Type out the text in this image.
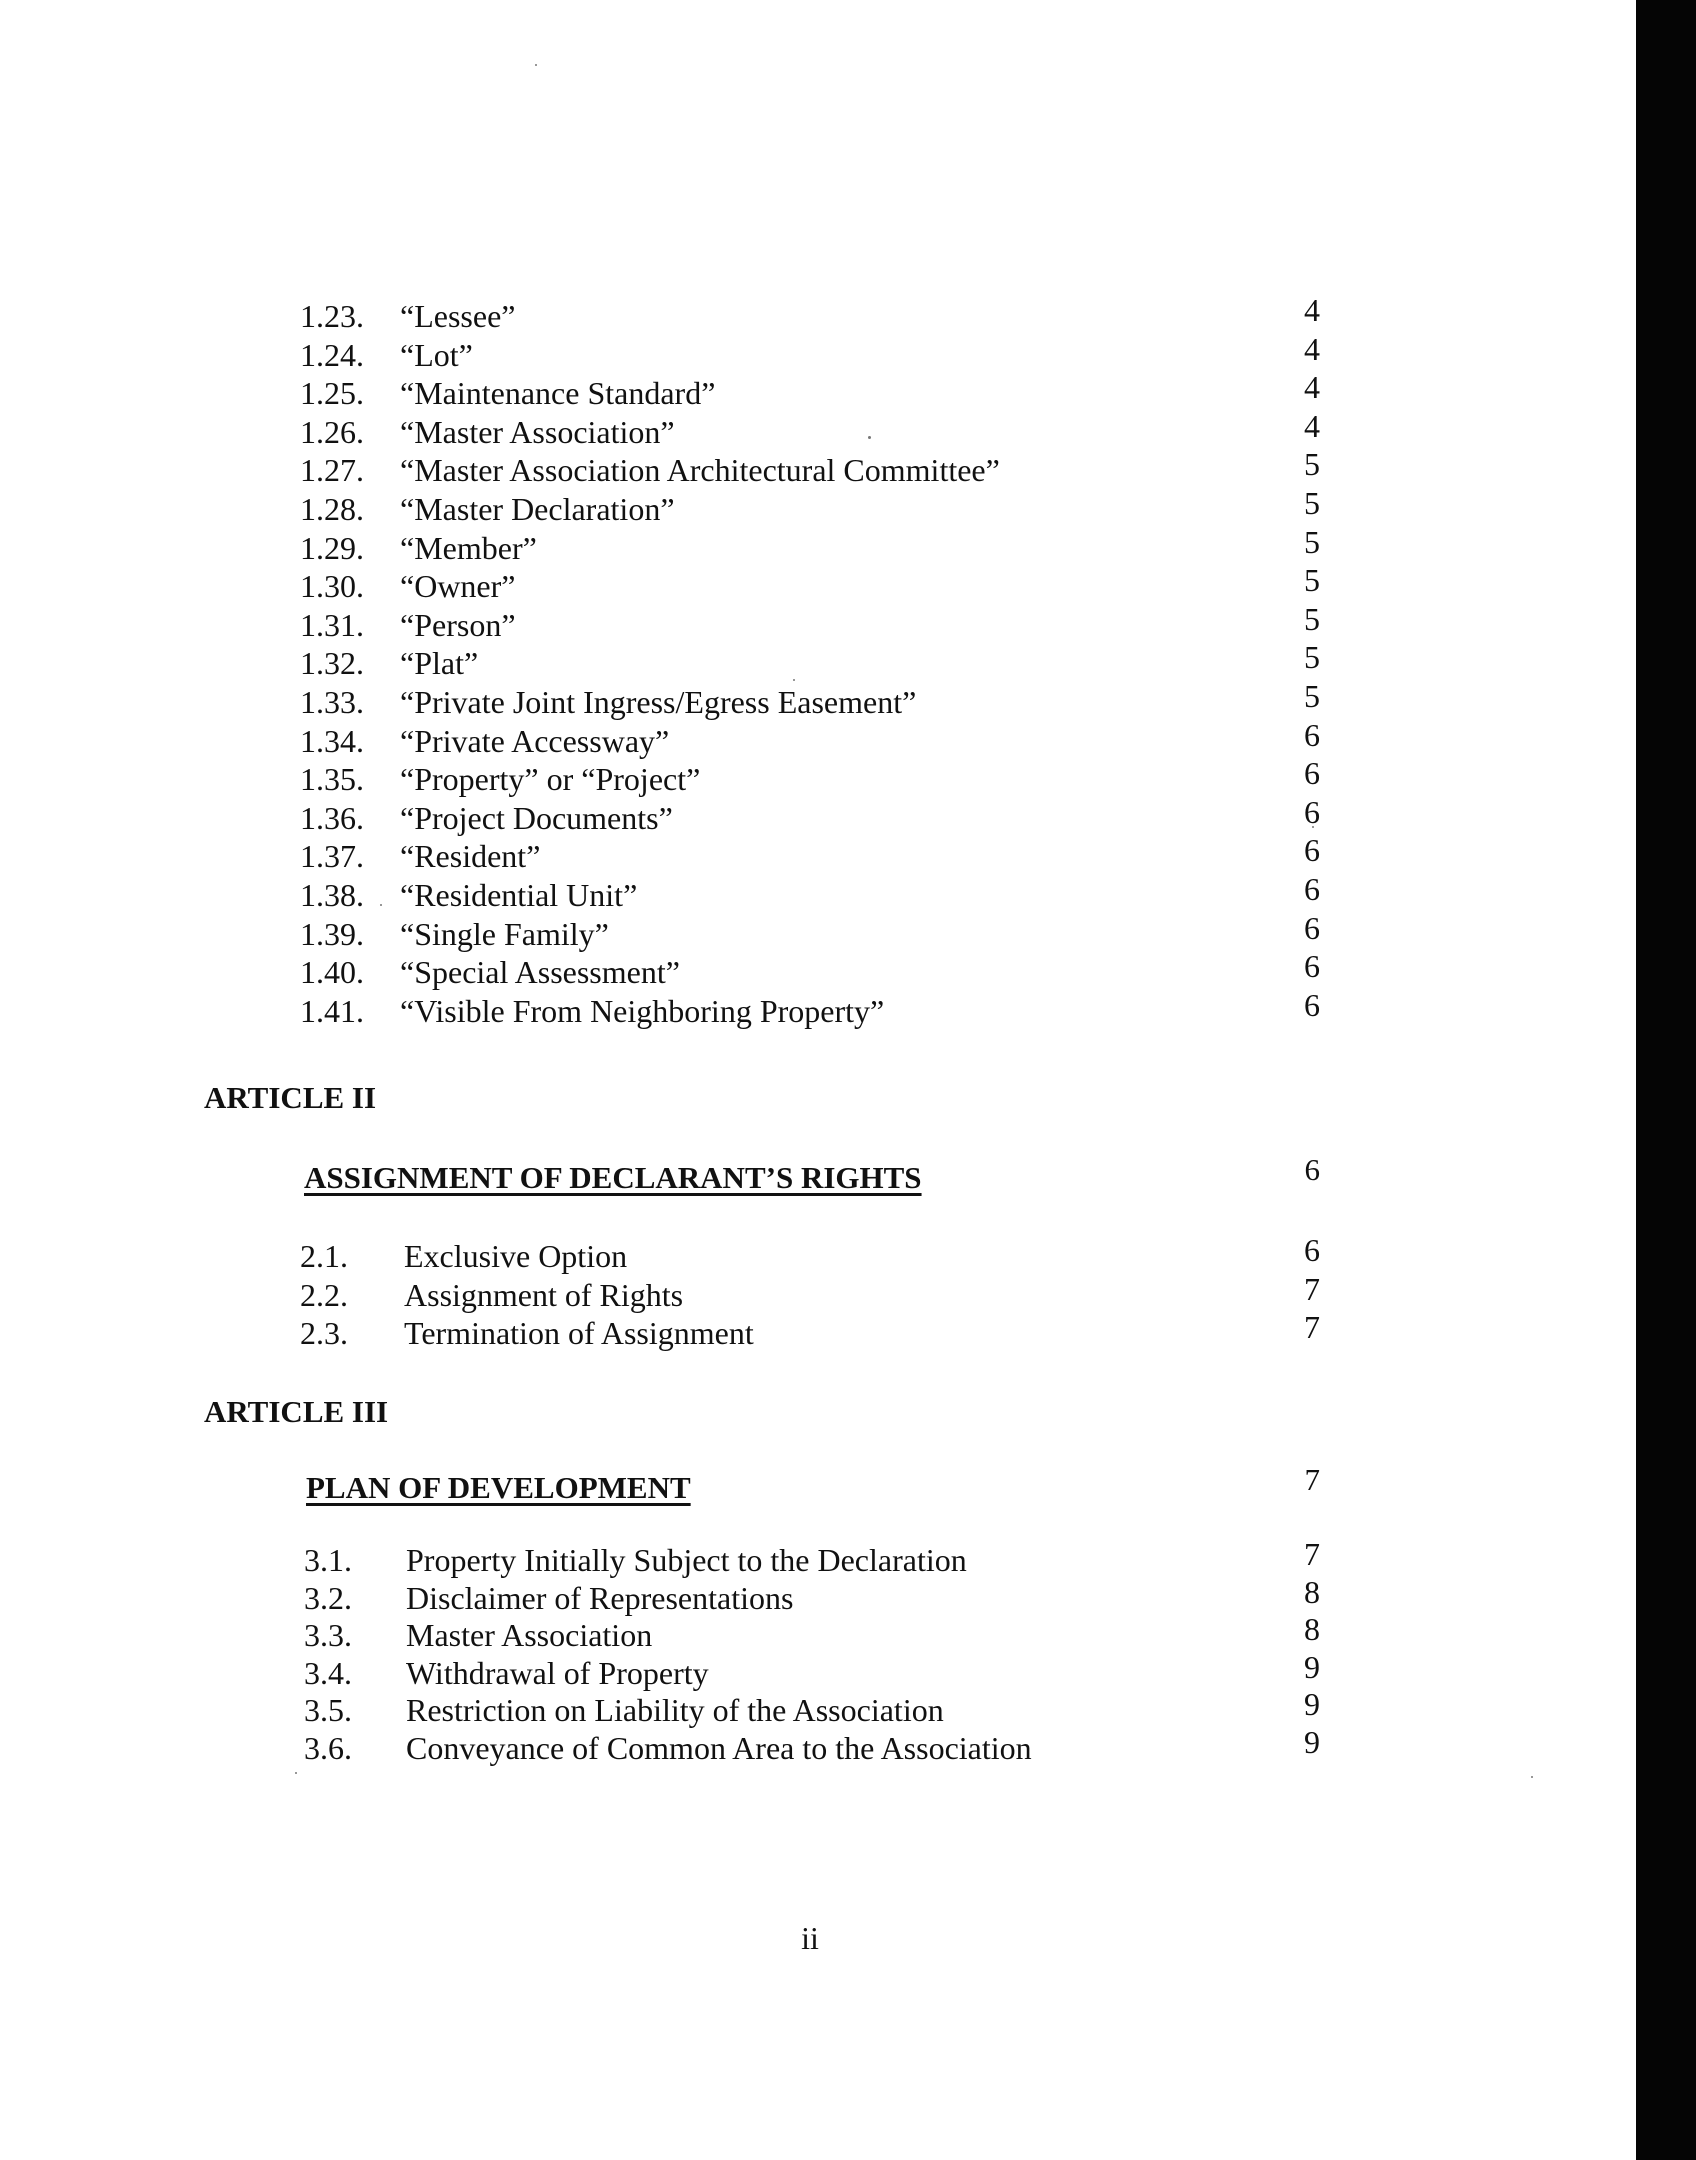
1.23. “Lessee”	4
1.24. “Lot”	4
1.25. “Maintenance Standard”	4
1.26. “Master Association”	4
1.27. “Master Association Architectural Committee”	5
1.28. “Master Declaration”	5
1.29. “Member”	5
1.30. “Owner”	5
1.31. “Person”	5
1.32. “Plat”	5
1.33. “Private Joint Ingress/Egress Easement”	5
1.34. “Private Accessway”	6
1.35. “Property” or “Project”	6
1.36. “Project Documents”	6
1.37. “Resident”	6
1.38. “Residential Unit”	6
1.39. “Single Family”	6
1.40. “Special Assessment”	6
1.41. “Visible From Neighboring Property”	6
ARTICLE II
ASSIGNMENT OF DECLARANT’S RIGHTS	6
2.1. Exclusive Option	6
2.2. Assignment of Rights	7
2.3. Termination of Assignment	7
ARTICLE III
PLAN OF DEVELOPMENT	7
3.1. Property Initially Subject to the Declaration	7
3.2. Disclaimer of Representations	8
3.3. Master Association	8
3.4. Withdrawal of Property	9
3.5. Restriction on Liability of the Association	9
3.6. Conveyance of Common Area to the Association	9
ii
